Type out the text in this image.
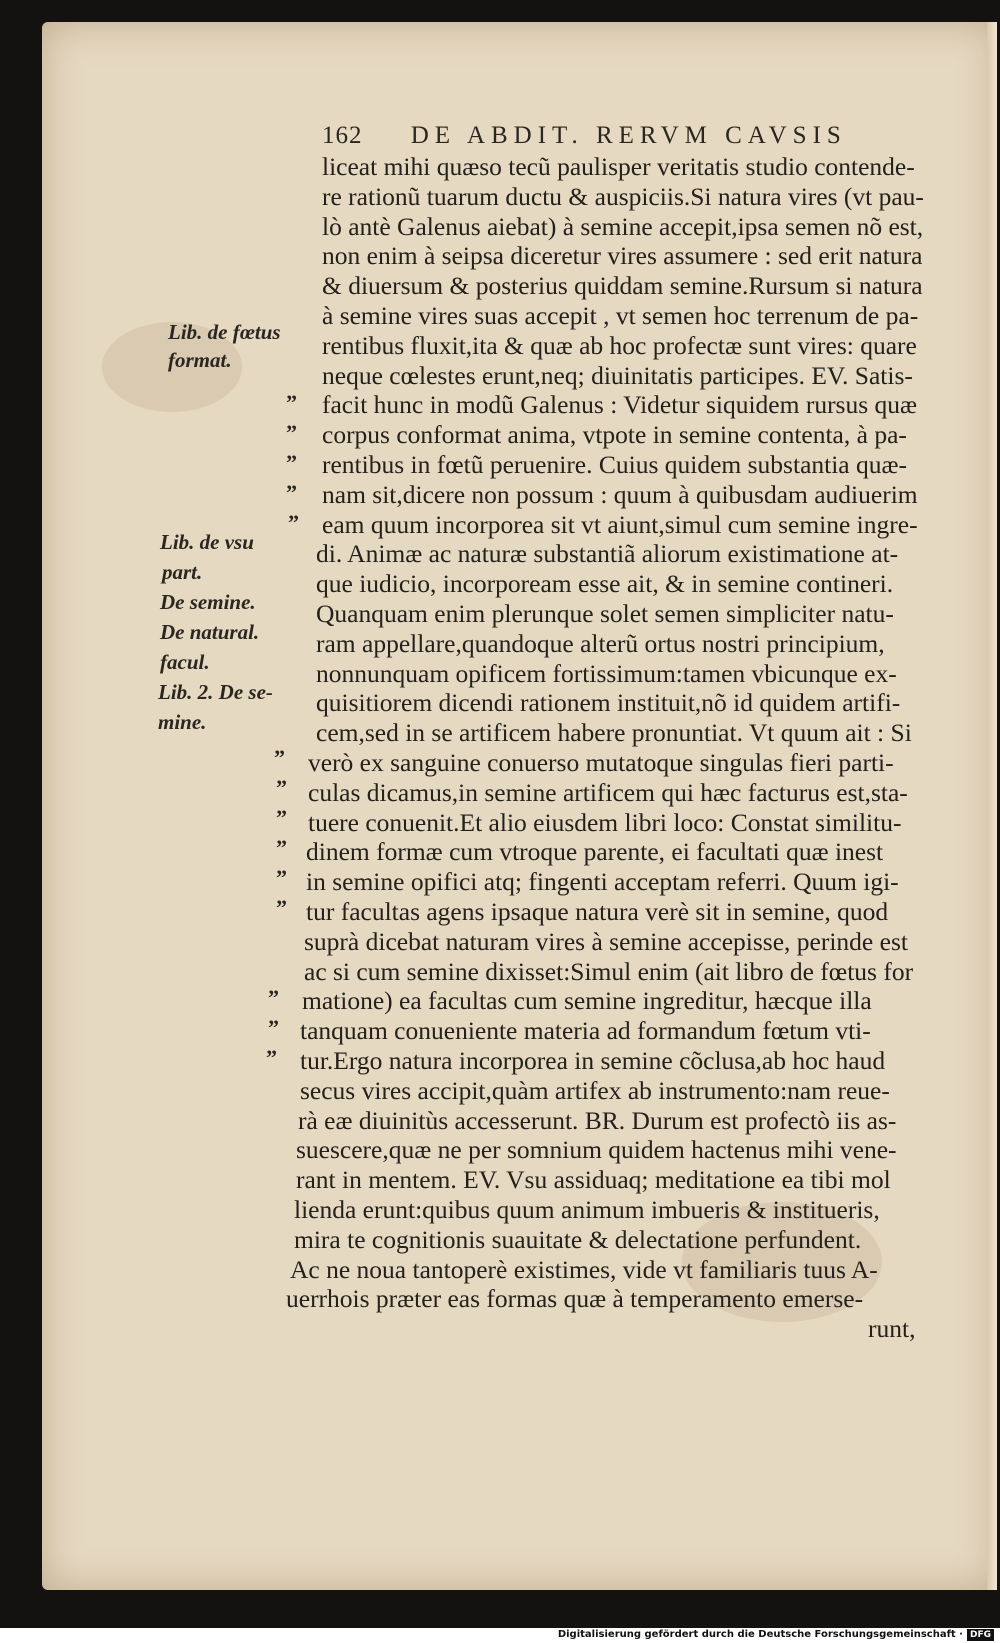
162 DE ABDIT. RERVM CAVSIS
liceat mihi quæso tecũ paulisper veritatis studio contende-
re rationũ tuarum ductu & auspiciis.Si natura vires (vt pau-
lò antè Galenus aiebat) à semine accepit,ipsa semen nõ est,
non enim à seipsa diceretur vires assumere : sed erit natura
& diuersum & posterius quiddam semine.Rursum si natura
à semine vires suas accepit , vt semen hoc terrenum de pa-
rentibus fluxit,ita & quæ ab hoc profectæ sunt vires: quare
neque cœlestes erunt,neq; diuinitatis participes. EV. Satis-
facit hunc in modũ Galenus : Videtur siquidem rursus quæ
corpus conformat anima, vtpote in semine contenta, à pa-
rentibus in fœtũ peruenire. Cuius quidem substantia quæ-
nam sit,dicere non possum : quum à quibusdam audiuerim
eam quum incorporea sit vt aiunt,simul cum semine ingre-
di. Animæ ac naturæ substantiã aliorum existimatione at-
que iudicio, incorpoream esse ait, & in semine contineri.
Quanquam enim plerunque solet semen simpliciter natu-
ram appellare,quandoque alterũ ortus nostri principium,
nonnunquam opificem fortissimum:tamen vbicunque ex-
quisitiorem dicendi rationem instituit,nõ id quidem artifi-
cem,sed in se artificem habere pronuntiat. Vt quum ait : Si
verò ex sanguine conuerso mutatoque singulas fieri parti-
culas dicamus,in semine artificem qui hæc facturus est,sta-
tuere conuenit.Et alio eiusdem libri loco: Constat similitu-
dinem formæ cum vtroque parente, ei facultati quæ inest
in semine opifici atq; fingenti acceptam referri. Quum igi-
tur facultas agens ipsaque natura verè sit in semine, quod
suprà dicebat naturam vires à semine accepisse, perinde est
ac si cum semine dixisset:Simul enim (ait libro de fœtus for
matione) ea facultas cum semine ingreditur, hæcque illa
tanquam conueniente materia ad formandum fœtum vti-
tur.Ergo natura incorporea in semine cõclusa,ab hoc haud
secus vires accipit,quàm artifex ab instrumento:nam reue-
rà eæ diuinitùs accesserunt. BR. Durum est profectò iis as-
suescere,quæ ne per somnium quidem hactenus mihi vene-
rant in mentem. EV. Vsu assiduaq; meditatione ea tibi mol
lienda erunt:quibus quum animum imbueris & institueris,
mira te cognitionis suauitate & delectatione perfundent.
Ac ne noua tantoperè existimes, vide vt familiaris tuus A-
uerrhois præter eas formas quæ à temperamento emerse-
runt,
Lib. de fœtus
format.
Lib. de vsu
part.
De semine.
De natural.
facul.
Lib. 2. De se-
mine.
”
”
”
”
”
”
”
”
”
”
”
”
”
”
Digitalisierung gefördert durch die Deutsche Forschungsgemeinschaft · DFG
